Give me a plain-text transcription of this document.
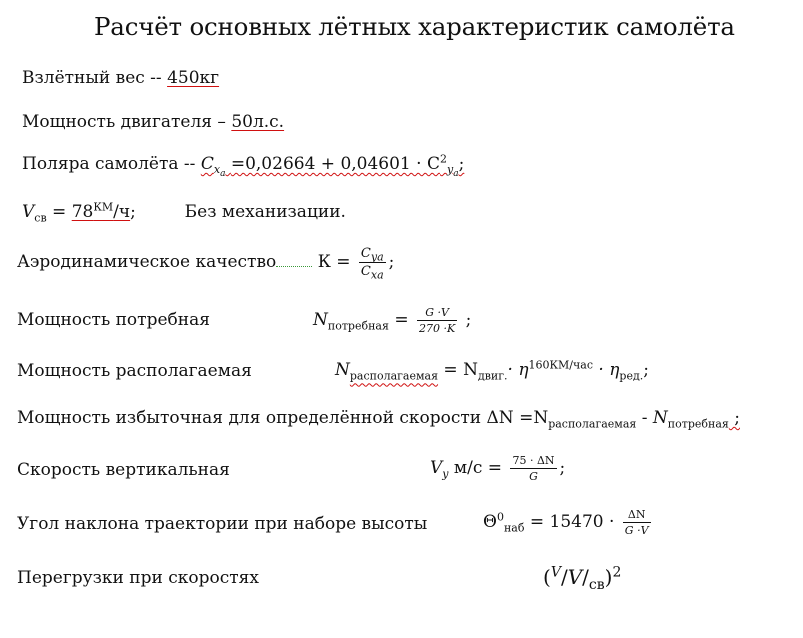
Расчёт основных лётных характеристик самолёта
Взлётный вес -- 450кг
Мощность двигателя – 50л.с.
Поляра самолёта -- $C_{x_a} =0,02664 + 0,04601 \cdot C^2_{y_a}$;
$V_{св} = 78^{КМ}/ч$;	Без механизации.
Аэродинамическое качество $К = \frac{C_{ya}}{C_{xa}}$ ;
Мощность потребная	$N_{потребная} = \frac{G \cdot V}{270 \cdot K}$ ;
Мощность располагаемая	$N_{располагаемая} = N_{двиг.}\cdot \eta^{160КМ/час} \cdot \eta_{ред.}$;
Мощность избыточная для определённой скорости $\Delta N =N_{располагаемая} - N_{потребная}$ ;
Скорость вертикальная	$V_y$ $м/с = \frac{75 \cdot \Delta N}{G}$ ;
Угол наклона траектории при наборе высоты	$\Theta^0_{наб} = 15470 \cdot \frac{\Delta N}{G \cdot V}$
Перегрузки при скоростях	$(^V/V/_{св})^2$
